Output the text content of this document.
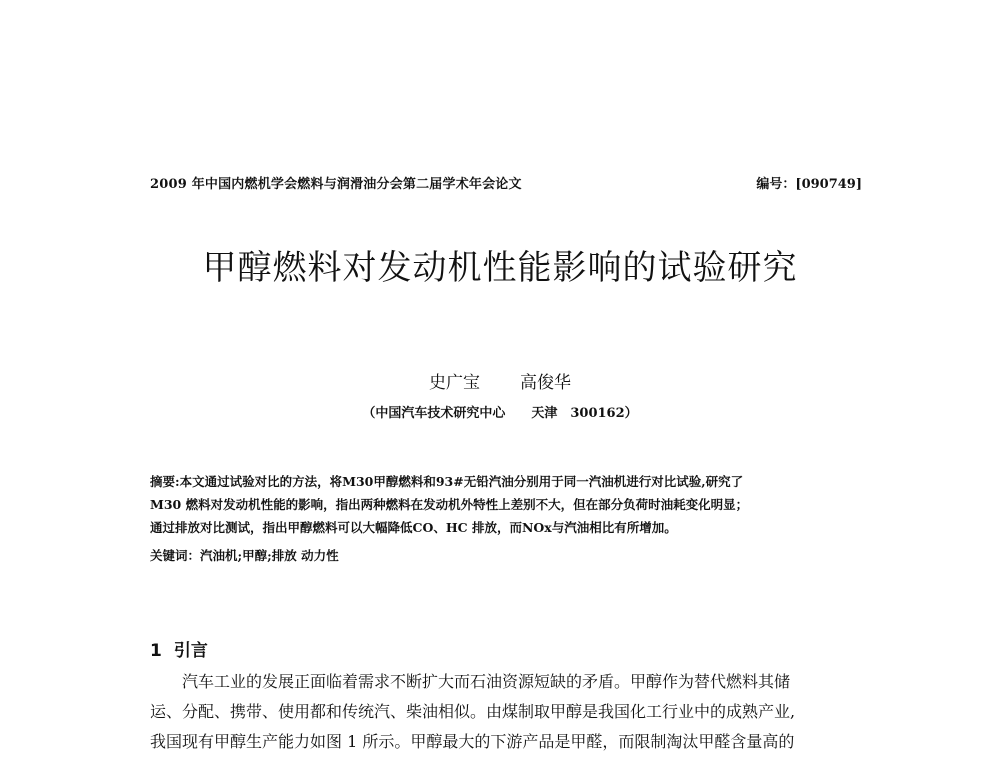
2009 年中国内燃机学会燃料与润滑油分会第二届学术年会论文	编号：[090749]
甲醇燃料对发动机性能影响的试验研究
史广宝 高俊华
（中国汽车技术研究中心　　天津　300162）
摘要:本文通过试验对比的方法，将M30甲醇燃料和93#无铅汽油分别用于同一汽油机进行对比试验,研究了
M30 燃料对发动机性能的影响，指出两种燃料在发动机外特性上差别不大，但在部分负荷时油耗变化明显；
通过排放对比测试，指出甲醇燃料可以大幅降低CO、HC 排放，而NOx与汽油相比有所增加。
关键词：汽油机;甲醇;排放 动力性
1 引言
汽车工业的发展正面临着需求不断扩大而石油资源短缺的矛盾。甲醇作为替代燃料其储
运、分配、携带、使用都和传统汽、柴油相似。由煤制取甲醇是我国化工行业中的成熟产业,
我国现有甲醇生产能力如图 1 所示。甲醇最大的下游产品是甲醛，而限制淘汰甲醛含量高的
